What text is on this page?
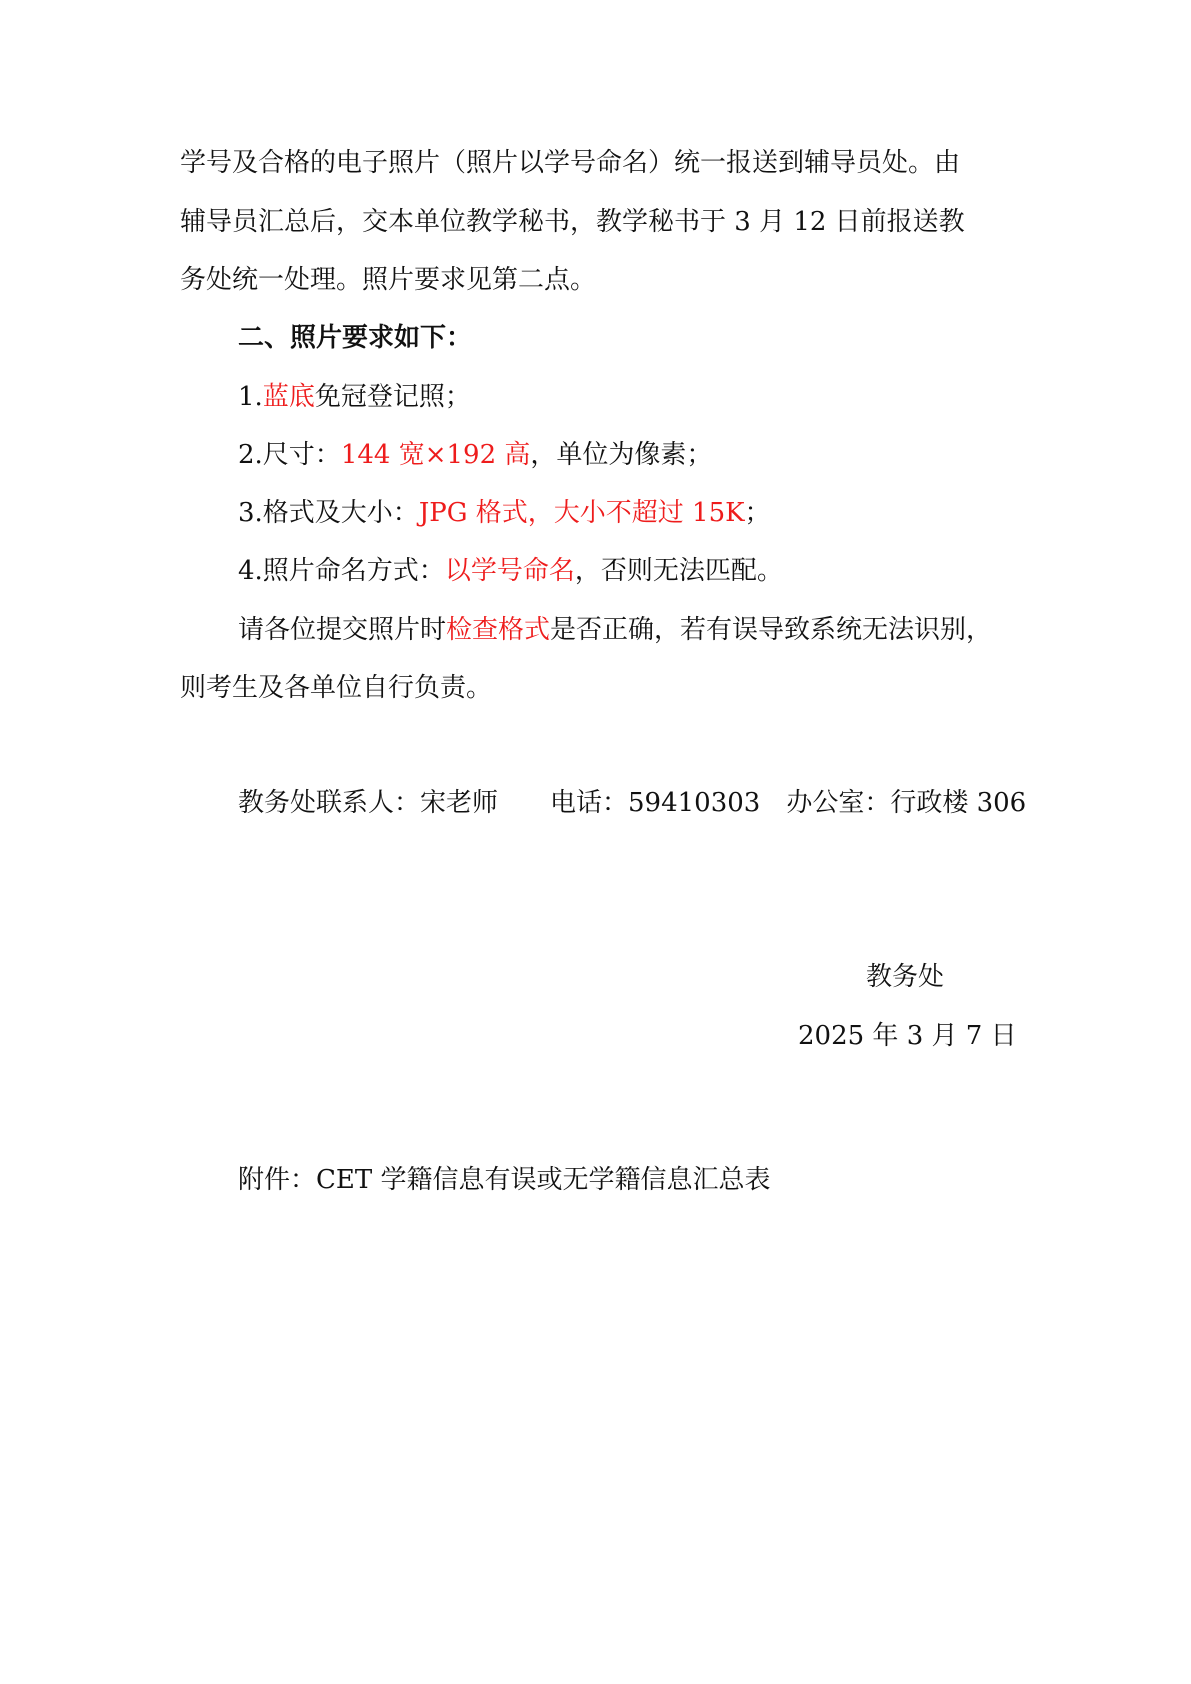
学号及合格的电子照片（照片以学号命名）统一报送到辅导员处。由
辅导员汇总后，交本单位教学秘书，教学秘书于 3 月 12 日前报送教
务处统一处理。照片要求见第二点。
二、照片要求如下：
1.蓝底免冠登记照；
2.尺寸：144 宽×192 高，单位为像素；
3.格式及大小：JPG 格式，大小不超过 15K；
4.照片命名方式：以学号命名，否则无法匹配。
请各位提交照片时检查格式是否正确，若有误导致系统无法识别，
则考生及各单位自行负责。
教务处联系人：宋老师　　电话：59410303　办公室：行政楼 306
教务处
2025 年 3 月 7 日
附件：CET 学籍信息有误或无学籍信息汇总表
